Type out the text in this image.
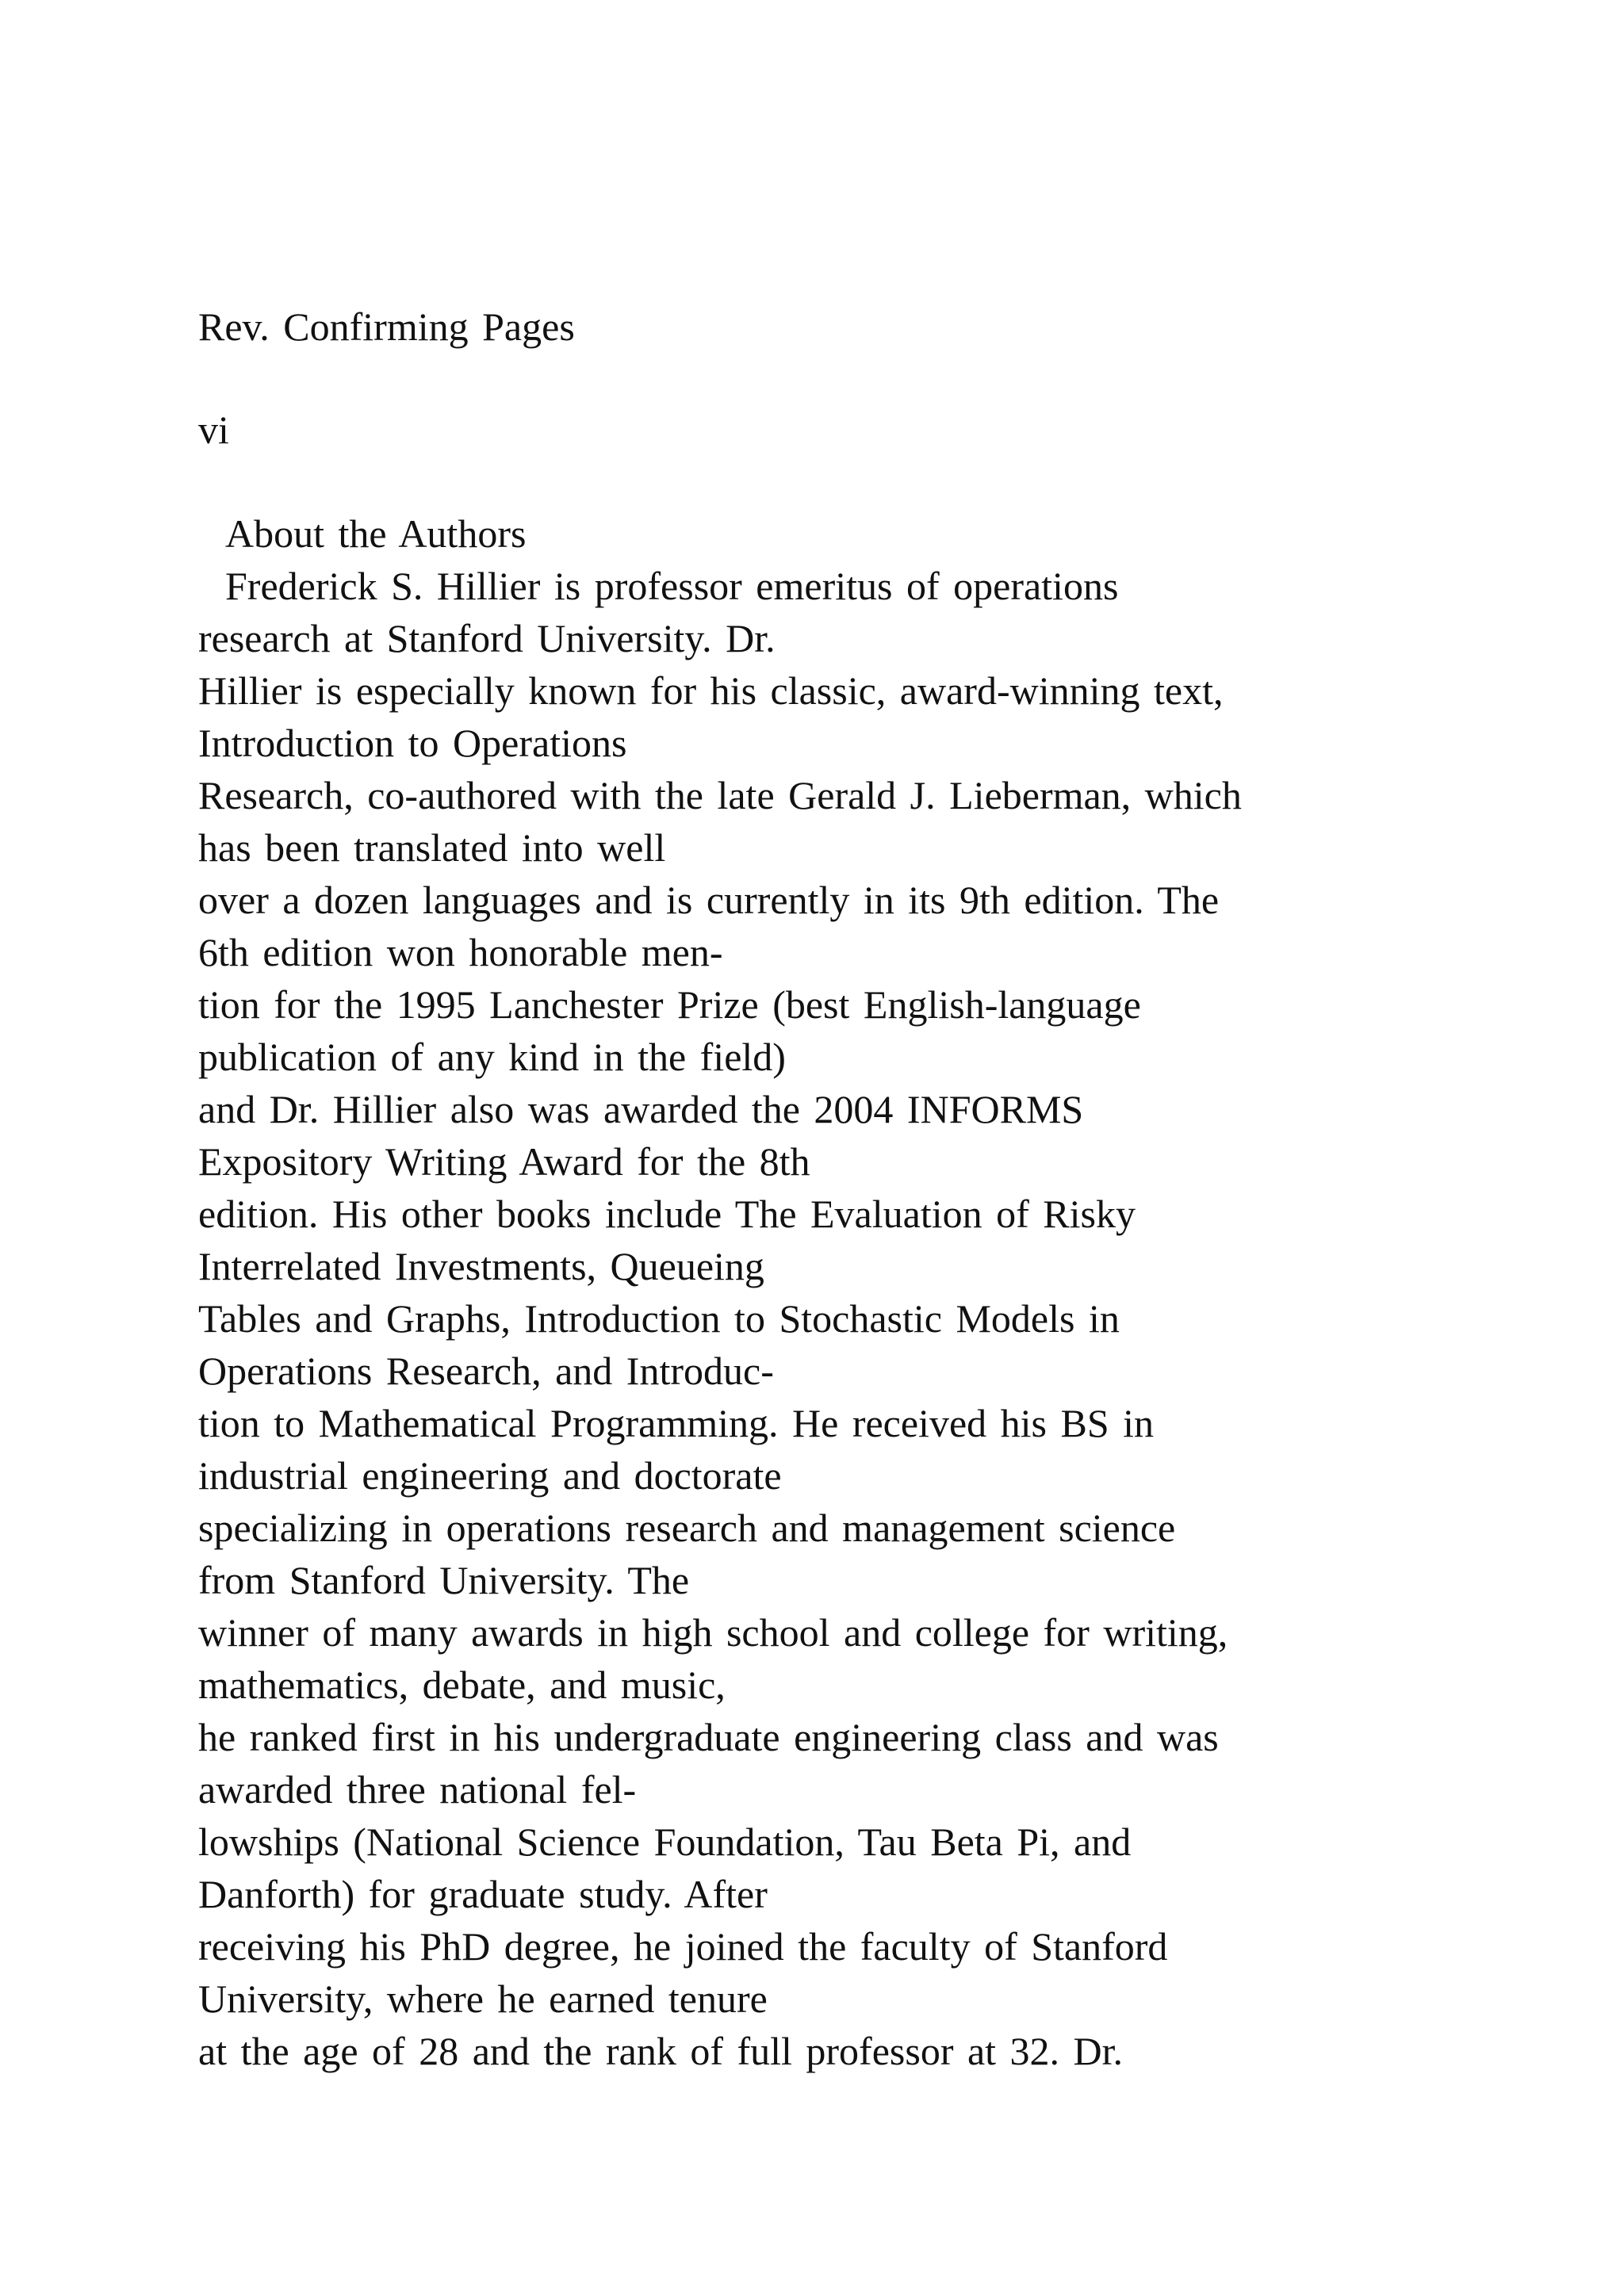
Rev. Confirming Pages
vi
About the Authors
Frederick S. Hillier is professor emeritus of operations
research at Stanford University. Dr.
Hillier is especially known for his classic, award-winning text,
Introduction to Operations
Research, co-authored with the late Gerald J. Lieberman, which
has been translated into well
over a dozen languages and is currently in its 9th edition. The
6th edition won honorable men-
tion for the 1995 Lanchester Prize (best English-language
publication of any kind in the field)
and Dr. Hillier also was awarded the 2004 INFORMS
Expository Writing Award for the 8th
edition. His other books include The Evaluation of Risky
Interrelated Investments, Queueing
Tables and Graphs, Introduction to Stochastic Models in
Operations Research, and Introduc-
tion to Mathematical Programming. He received his BS in
industrial engineering and doctorate
specializing in operations research and management science
from Stanford University. The
winner of many awards in high school and college for writing,
mathematics, debate, and music,
he ranked first in his undergraduate engineering class and was
awarded three national fel-
lowships (National Science Foundation, Tau Beta Pi, and
Danforth) for graduate study. After
receiving his PhD degree, he joined the faculty of Stanford
University, where he earned tenure
at the age of 28 and the rank of full professor at 32. Dr.
